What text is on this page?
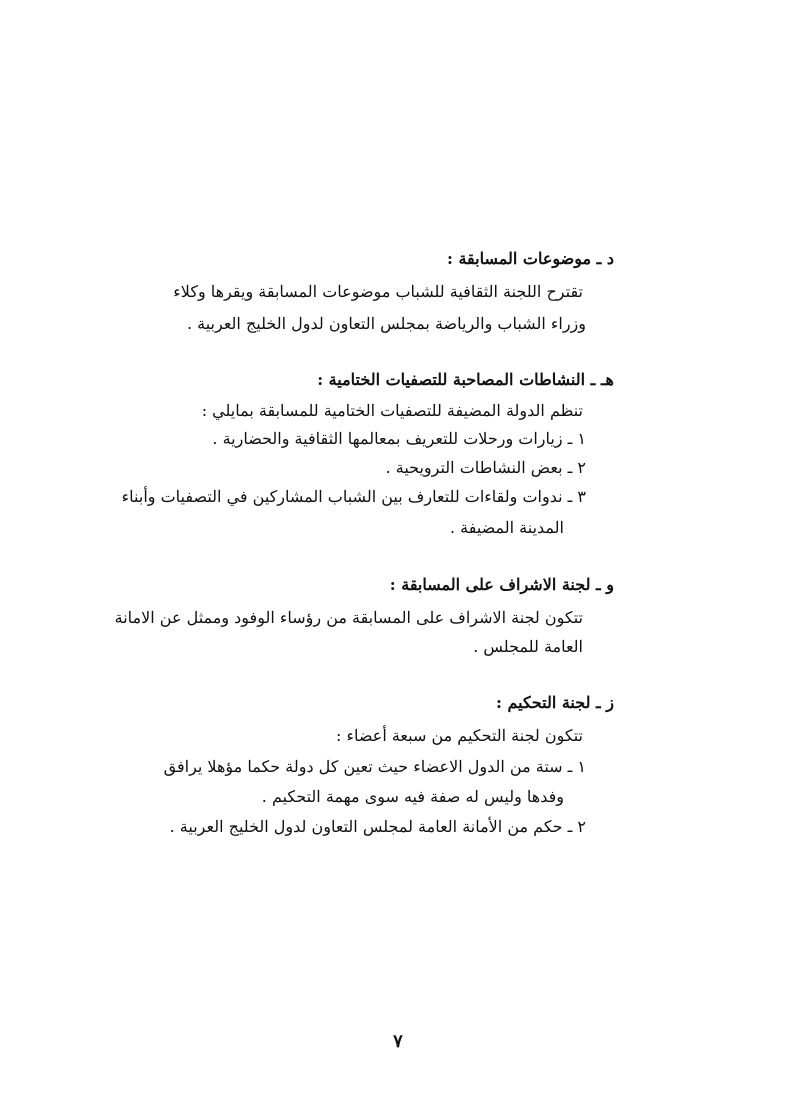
د ـ موضوعات المسابقة :

تقترح اللجنة الثقافية للشباب موضوعات المسابقة ويقرها وكلاء

وزراء الشباب والرياضة بمجلس التعاون لدول الخليج العربية .

هـ ـ النشاطات المصاحبة للتصفيات الختامية :

تنظم الدولة المضيفة للتصفيات الختامية للمسابقة بمايلي :

١ ـ زيارات ورحلات للتعريف بمعالمها الثقافية والحضارية .

٢ ـ بعض النشاطات الترويحية .

٣ ـ ندوات ولقاءات للتعارف بين الشباب المشاركين في التصفيات وأبناء

المدينة المضيفة .

و ـ لجنة الاشراف على المسابقة :

تتكون لجنة الاشراف على المسابقة من رؤساء الوفود وممثل عن الامانة

العامة للمجلس .

ز ـ لجنة التحكيم :

تتكون لجنة التحكيم من سبعة أعضاء :

١ ـ ستة من الدول الاعضاء حيث تعين كل دولة حكما مؤهلا يرافق

وفدها وليس له صفة فيه سوى مهمة التحكيم .

٢ ـ حكم من الأمانة العامة لمجلس التعاون لدول الخليج العربية .

٧
